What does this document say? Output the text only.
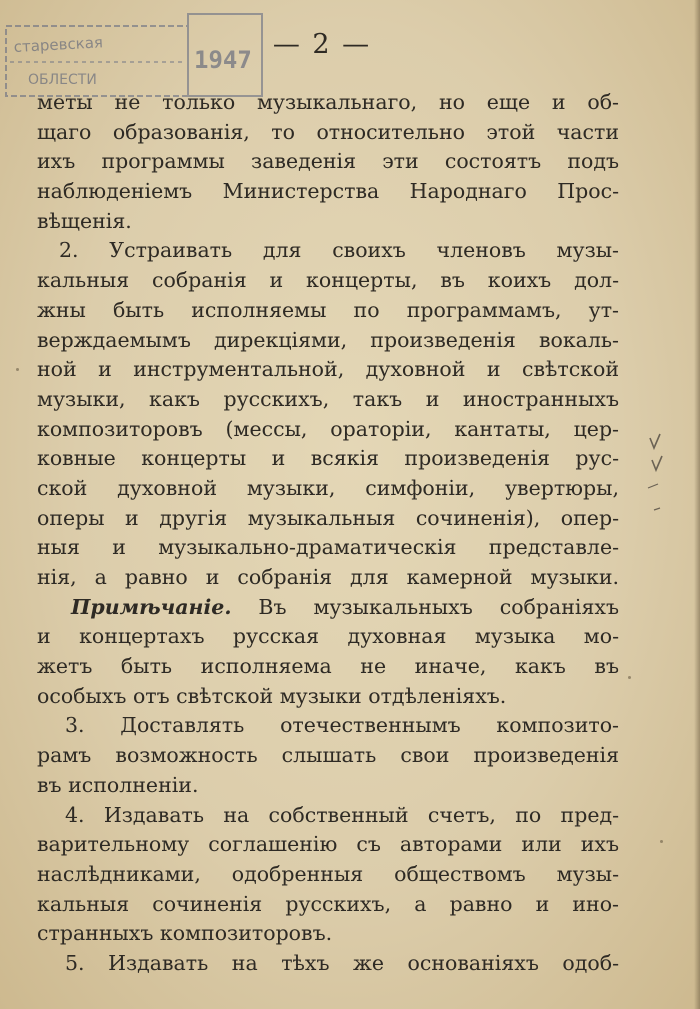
старевская
1947
ОБЛЕСТИ
— 2 —
меты не только музыкальнаго, но еще и об-
щаго образованія, то относительно этой части
ихъ программы заведенія эти состоятъ подъ
наблюденіемъ Министерства Народнаго Прос-
вѣщенія.
2. Устраивать для своихъ членовъ музы-
кальныя собранія и концерты, въ коихъ дол-
жны быть исполняемы по программамъ, ут-
верждаемымъ дирекціями, произведенія вокаль-
ной и инструментальной, духовной и свѣтской
музыки, какъ русскихъ, такъ и иностранныхъ
композиторовъ (мессы, ораторіи, кантаты, цер-
ковные концерты и всякія произведенія рус-
ской духовной музыки, симфоніи, увертюры,
оперы и другія музыкальныя сочиненія), опер-
ныя и музыкально-драматическія представле-
нія, а равно и собранія для камерной музыки.
Примѣчаніе. Въ музыкальныхъ собраніяхъ
и концертахъ русская духовная музыка мо-
жетъ быть исполняема не иначе, какъ въ
особыхъ отъ свѣтской музыки отдѣленіяхъ.
3. Доставлять отечественнымъ композито-
рамъ возможность слышать свои произведенія
въ исполненіи.
4. Издавать на собственный счетъ, по пред-
варительному соглашенію съ авторами или ихъ
наслѣдниками, одобренныя обществомъ музы-
кальныя сочиненія русскихъ, а равно и ино-
странныхъ композиторовъ.
5. Издавать на тѣхъ же основаніяхъ одоб-
